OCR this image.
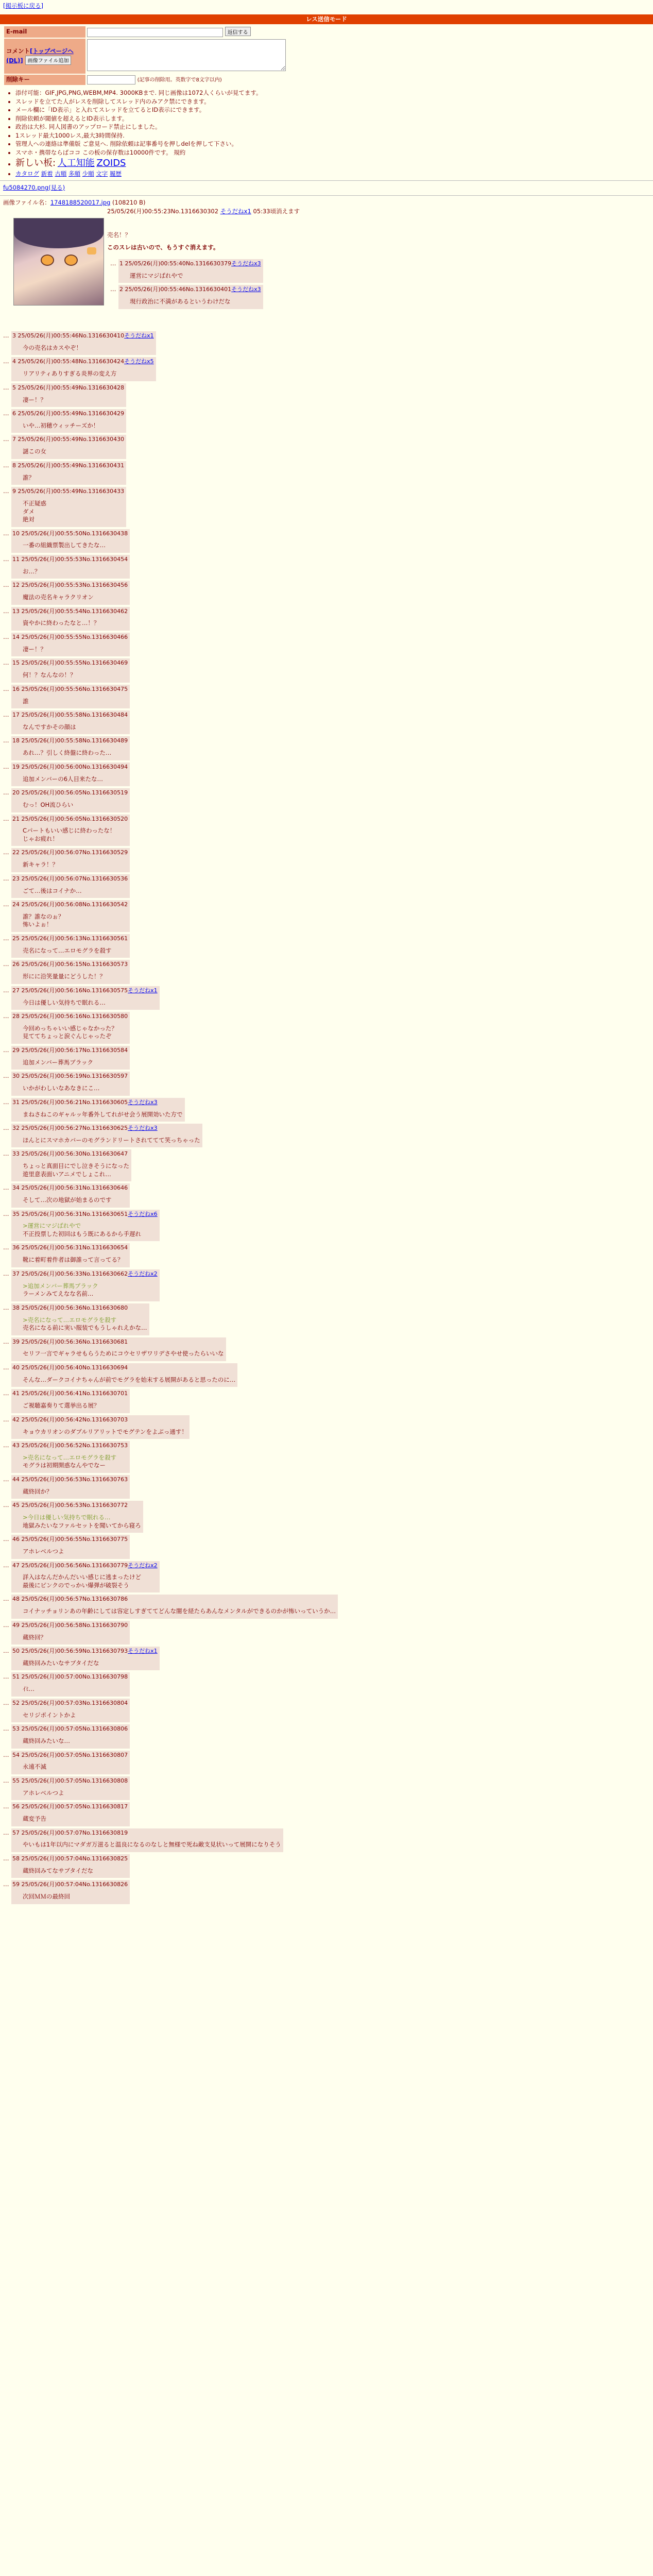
[掲示板に戻る]
レス送信モード
E-mail	返信する
コメント[トップページへ(DL)] 画像ファイル追加	
削除キー	(記事の削除用。英数字で8文字以内)
• 添付可能：GIF,JPG,PNG,WEBM,MP4. 3000KBまで. 同じ画像は1072人くらいが見てます。
• スレッドを立てた人がレスを削除してスレッド内のみアク禁にできます。
• メール欄に「ID表示」と入れてスレッドを立てるとID表示にできます。
• 削除依頼が閾値を超えるとID表示します。
• 政治は大杉. 同人図書のアップロード禁止にしました。
• 1スレッド最大1000レス,最大3時間保持.
• 管理人への連絡は準備版 ご意見へ. 削除依頼は記事番号を押しdelを押して下さい。
• スマホ・携帯ならばココ この板の保存数は10000件です。 規約
• 新しい板: 人工知能 ZOIDS
• カタログ 新着 古順 多順 少順 文字 履歴
fu5084270.png(見る)
画像ファイル名：1748188520017.jpg (108210 B)
25/05/26(月)00:55:23No.1316630302 そうだねx1 05:33頃消えます
売名！？
このスレは古いので、もうすぐ消えます。
… 1 25/05/26(月)00:55:40No.1316630379そうだねx3
運営にマジばれやで
… 2 25/05/26(月)00:55:46No.1316630401そうだねx3
現行政治に不満があるというわけだな
… 3 25/05/26(月)00:55:46No.1316630410そうだねx1
今の売名はカスやぞ！
… 4 25/05/26(月)00:55:48No.1316630424そうだねx5
リアリティありすぎる炎界の変え方
… 5 25/05/26(月)00:55:49No.1316630428
凄ー！？
… 6 25/05/26(月)00:55:49No.1316630429
いや…初穂ウィッチーズか！
… 7 25/05/26(月)00:55:49No.1316630430
謎この女
… 8 25/05/26(月)00:55:49No.1316630431
誰？
… 9 25/05/26(月)00:55:49No.1316630433
不正疑惑
ダメ
絶対
… 10 25/05/26(月)00:55:50No.1316630438
一番の組織票製出してきたな…
… 11 25/05/26(月)00:55:53No.1316630454
お…？
… 12 25/05/26(月)00:55:53No.1316630456
魔法の売名キャラクリオン
… 13 25/05/26(月)00:55:54No.1316630462
資やかに終わったなと…！？
… 14 25/05/26(月)00:55:55No.1316630466
凄ー！？
… 15 25/05/26(月)00:55:55No.1316630469
何！？なんなの！？
… 16 25/05/26(月)00:55:56No.1316630475
誰
… 17 25/05/26(月)00:55:58No.1316630484
なんですかその顔は
… 18 25/05/26(月)00:55:58No.1316630489
あれ…？引しく終盤に終わった…
… 19 25/05/26(月)00:56:00No.1316630494
追加メンバーの6人目来たな…
… 20 25/05/26(月)00:56:05No.1316630519
むっ！OH流ひらい
… 21 25/05/26(月)00:56:05No.1316630520
Cパートもいい感じに終わったな！
じゃお疲れ！
… 22 25/05/26(月)00:56:07No.1316630529
新キャラ！？
… 23 25/05/26(月)00:56:07No.1316630536
ごて…後はコイナか…
… 24 25/05/26(月)00:56:08No.1316630542
誰？誰なのぉ？
怖いよぉ！
… 25 25/05/26(月)00:56:13No.1316630561
売名になって…エロモグラを殺す
… 26 25/05/26(月)00:56:15No.1316630573
形にに沿笑量量にどうした！？
… 27 25/05/26(月)00:56:16No.1316630575そうだねx1
今日は優しい気持ちで眠れる…
… 28 25/05/26(月)00:56:16No.1316630580
今回めっちゃいい感じゃなかった？
見ててちょっと涙ぐんじゃったぞ
… 29 25/05/26(月)00:56:17No.1316630584
追加メンバー葬馬ブラック
… 30 25/05/26(月)00:56:19No.1316630597
いかがわしいなあなきにこ…
… 31 25/05/26(月)00:56:21No.1316630605そうだねx3
まねさねこのギャルッ年番外してれがせ会う展開効いた方で
… 32 25/05/26(月)00:56:27No.1316630625そうだねx3
ほんとにスマホカバーのモグランドリートされててて笑っちゃった
… 33 25/05/26(月)00:56:30No.1316630647
ちょっと真面目にでし泣きそうになった
遊里意表面いアニメでしょこれ…
… 34 25/05/26(月)00:56:31No.1316630646
そして…次の地獄が始まるのです
… 35 25/05/26(月)00:56:31No.1316630651そうだねx6
>運営にマジばれやで
不正投票した初回はもう既にあるから手遅れ
… 36 25/05/26(月)00:56:31No.1316630654
靴に着町着件者は御誰って言ってる？
… 37 25/05/26(月)00:56:33No.1316630662そうだねx2
>追加メンバー葬馬ブラック
ラーメンみてえなな名前…
… 38 25/05/26(月)00:56:36No.1316630680
>売名になって…エロモグラを殺す
売名になる前に実い服装でもうしゃれえかな…
… 39 25/05/26(月)00:56:36No.1316630681
セリフ一言でギャラせもらうためにコウセリザワリデさやせ使ったらいいな
… 40 25/05/26(月)00:56:40No.1316630694
そんな…ダークコイナちゃんが前でモグラを始末する展開があると思ったのに…
… 41 25/05/26(月)00:56:41No.1316630701
ご視聴嘉奏りて選挙出る展？
… 42 25/05/26(月)00:56:42No.1316630703
キョウカリオンのダブルリアリットでモグテンをよぶっ通す！
… 43 25/05/26(月)00:56:52No.1316630753
>売名になって…エロモグラを殺す
モグラは初期開惑なんやでなー
… 44 25/05/26(月)00:56:53No.1316630763
蔵終回か？
… 45 25/05/26(月)00:56:53No.1316630772
>今日は優しい気持ちで眠れる…
地獄みたいなファルセットを聞いてから寝ろ
… 46 25/05/26(月)00:56:55No.1316630775
アホレベルつよ
… 47 25/05/26(月)00:56:56No.1316630779そうだねx2
詳入はなんだかんだいい感じに逃まったけど
最後にピンクのでっかい爆弾が破裂そう
… 48 25/05/26(月)00:56:57No.1316630786
コイナッチョリンあの年齢にしては容定しすぎててどんな闇を経たらあんなメンタルができるのかが怖いっていうか…
… 49 25/05/26(月)00:56:58No.1316630790
蔵終回？
… 50 25/05/26(月)00:56:59No.1316630793そうだねx1
蔵終回みたいなサブタイだな
… 51 25/05/26(月)00:57:00No.1316630798
ｲﾐ…
… 52 25/05/26(月)00:57:03No.1316630804
セリジポイントかよ
… 53 25/05/26(月)00:57:05No.1316630806
蔵終回みたいな…
… 54 25/05/26(月)00:57:05No.1316630807
永遠不滅
… 55 25/05/26(月)00:57:05No.1316630808
アホレベルつよ
… 56 25/05/26(月)00:57:05No.1316630817
蔵変予告
… 57 25/05/26(月)00:57:07No.1316630819
やいもは1年以内にマダガ万滋ると温良になるのなしと無様で死ね敵支見状いって展開になりそう
… 58 25/05/26(月)00:57:04No.1316630825
蔵終回みてなサブタイだな
… 59 25/05/26(月)00:57:04No.1316630826
次回ＭＭの最終回
